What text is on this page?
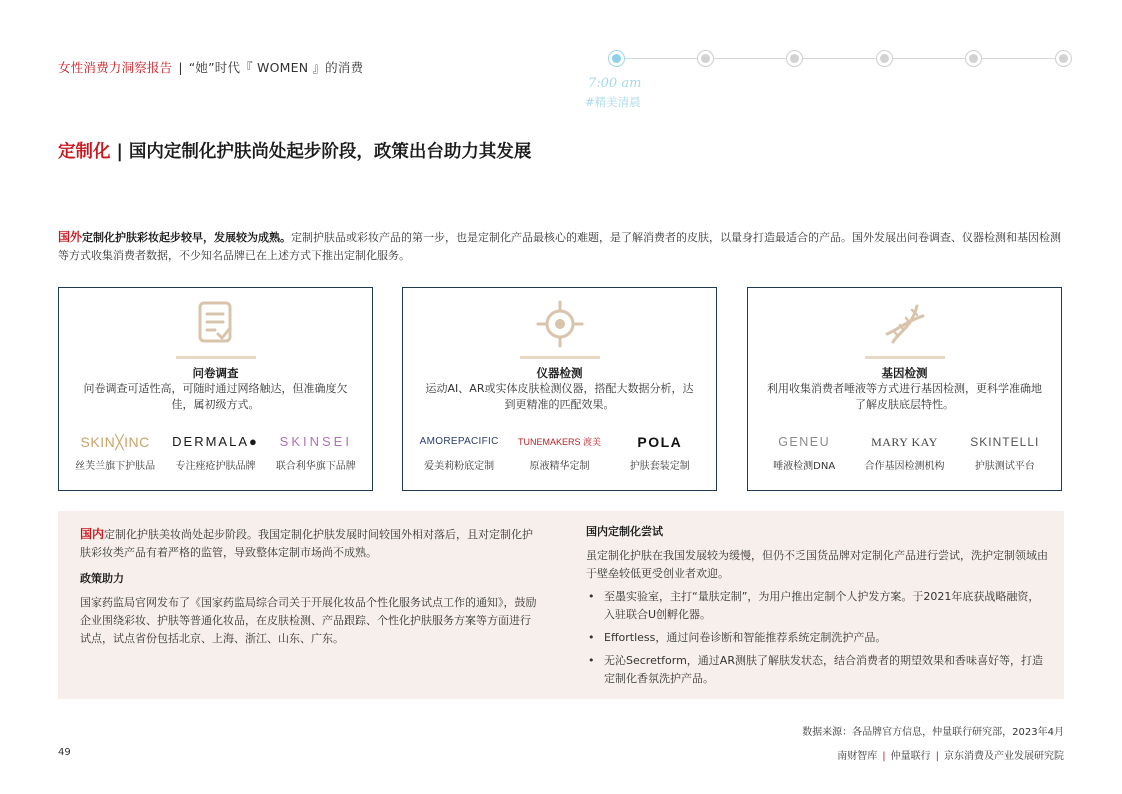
女性消费力洞察报告 | “她”时代『 WOMEN 』的消费
7:00 am
#精美清晨
定制化 | 国内定制化护肤尚处起步阶段，政策出台助力其发展
国外定制化护肤彩妆起步较早，发展较为成熟。定制护肤品或彩妆产品的第一步，也是定制化产品最核心的难题，是了解消费者的皮肤，以量身打造最适合的产品。国外发展出问卷调查、仪器检测和基因检测等方式收集消费者数据，不少知名品牌已在上述方式下推出定制化服务。
问卷调查
问卷调查可适性高，可随时通过网络触达，但准确度欠佳，属初级方式。
SKIN╳INC
丝芙兰旗下护肤品
DERMALA●
专注痤疮护肤品牌
SKINSEI
联合利华旗下品牌
仪器检测
运动AI、AR或实体皮肤检测仪器，搭配大数据分析，达到更精准的匹配效果。
AMOREPACIFIC
爱美莉粉底定制
TUNEMAKERS 渡美
原液精华定制
POLA
护肤套装定制
基因检测
利用收集消费者唾液等方式进行基因检测，更科学准确地了解皮肤底层特性。
GENEU
唾液检测DNA
MARY KAY
合作基因检测机构
SKINTELLI
护肤测试平台
国内定制化护肤美妆尚处起步阶段。我国定制化护肤发展时间较国外相对落后，且对定制化护肤彩妆类产品有着严格的监管，导致整体定制市场尚不成熟。
政策助力
国家药监局官网发布了《国家药监局综合司关于开展化妆品个性化服务试点工作的通知》，鼓励企业围绕彩妆、护肤等普通化妆品，在皮肤检测、产品跟踪、个性化护肤服务方案等方面进行试点，试点省份包括北京、上海、浙江、山东、广东。
国内定制化尝试
虽定制化护肤在我国发展较为缓慢，但仍不乏国货品牌对定制化产品进行尝试，洗护定制领域由于壁垒较低更受创业者欢迎。
• 至墨实验室，主打“量肤定制”，为用户推出定制个人护发方案。于2021年底获战略融资，入驻联合U创孵化器。
• Effortless，通过问卷诊断和智能推荐系统定制洗护产品。
• 无沁Secretform，通过AR测肤了解肤发状态，结合消费者的期望效果和香味喜好等，打造定制化香氛洗护产品。
数据来源：各品牌官方信息，仲量联行研究部，2023年4月
49	南财智库 | 仲量联行 | 京东消费及产业发展研究院
